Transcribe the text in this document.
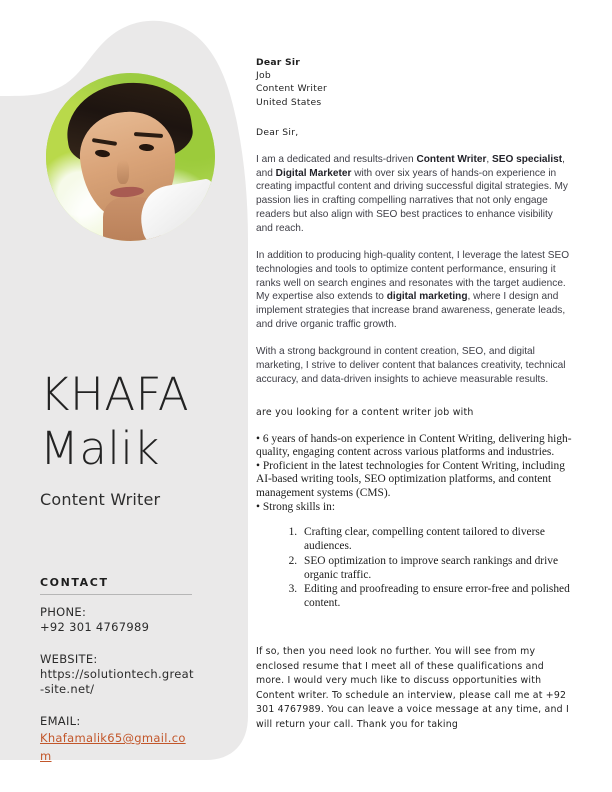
KHAFA
Malik
Content Writer
CONTACT
PHONE:
+92 301 4767989
WEBSITE:
https://solutiontech.great-site.net/
EMAIL:
Khafamalik65@gmail.com
Dear Sir
Job
Content Writer
United States
Dear Sir,

I am a dedicated and results-driven Content Writer, SEO specialist, and Digital Marketer with over six years of hands-on experience in creating impactful content and driving successful digital strategies. My passion lies in crafting compelling narratives that not only engage readers but also align with SEO best practices to enhance visibility and reach.

In addition to producing high-quality content, I leverage the latest SEO technologies and tools to optimize content performance, ensuring it ranks well on search engines and resonates with the target audience. My expertise also extends to digital marketing, where I design and implement strategies that increase brand awareness, generate leads, and drive organic traffic growth.

With a strong background in content creation, SEO, and digital marketing, I strive to deliver content that balances creativity, technical accuracy, and data-driven insights to achieve measurable results.

are you looking for a content writer job with
• 6 years of hands-on experience in Content Writing, delivering high-quality, engaging content across various platforms and industries.
• Proficient in the latest technologies for Content Writing, including AI-based writing tools, SEO optimization platforms, and content management systems (CMS).
• Strong skills in:
1. Crafting clear, compelling content tailored to diverse audiences.
2. SEO optimization to improve search rankings and drive organic traffic.
3. Editing and proofreading to ensure error-free and polished content.

If so, then you need look no further. You will see from my enclosed resume that I meet all of these qualifications and more. I would very much like to discuss opportunities with Content writer. To schedule an interview, please call me at +92 301 4767989. You can leave a voice message at any time, and I will return your call. Thank you for taking
